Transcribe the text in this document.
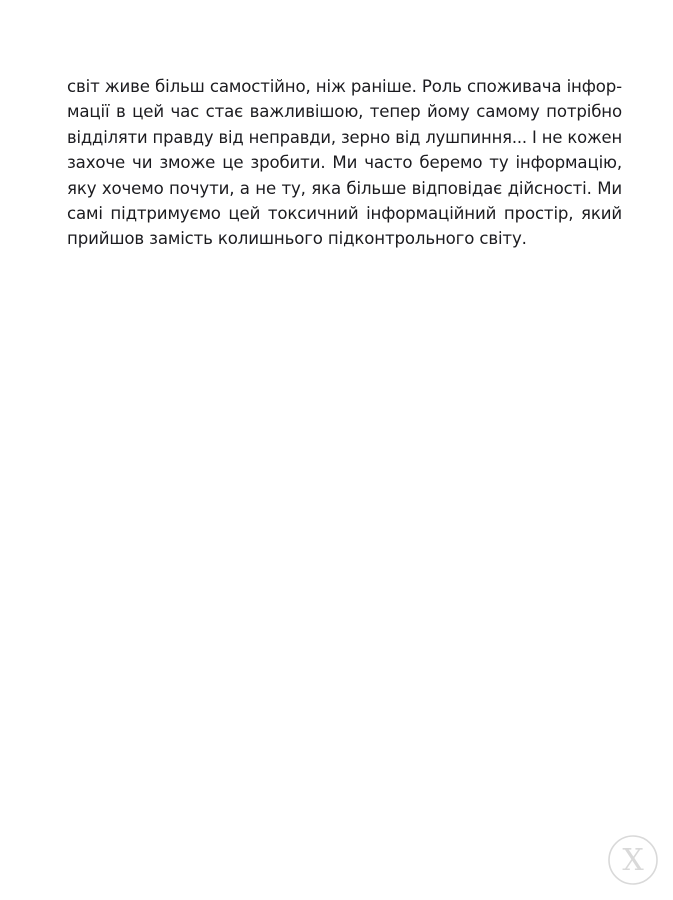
світ живе більш самостійно, ніж раніше. Роль споживача інфор-
мації в цей час стає важливішою, тепер йому самому потрібно
відділяти правду від неправди, зерно від лушпиння... І не кожен
захоче чи зможе це зробити. Ми часто беремо ту інформацію,
яку хочемо почути, а не ту, яка більше відповідає дійсності. Ми
самі підтримуємо цей токсичний інформаційний простір, який
прийшов замість колишнього підконтрольного світу.
Х
